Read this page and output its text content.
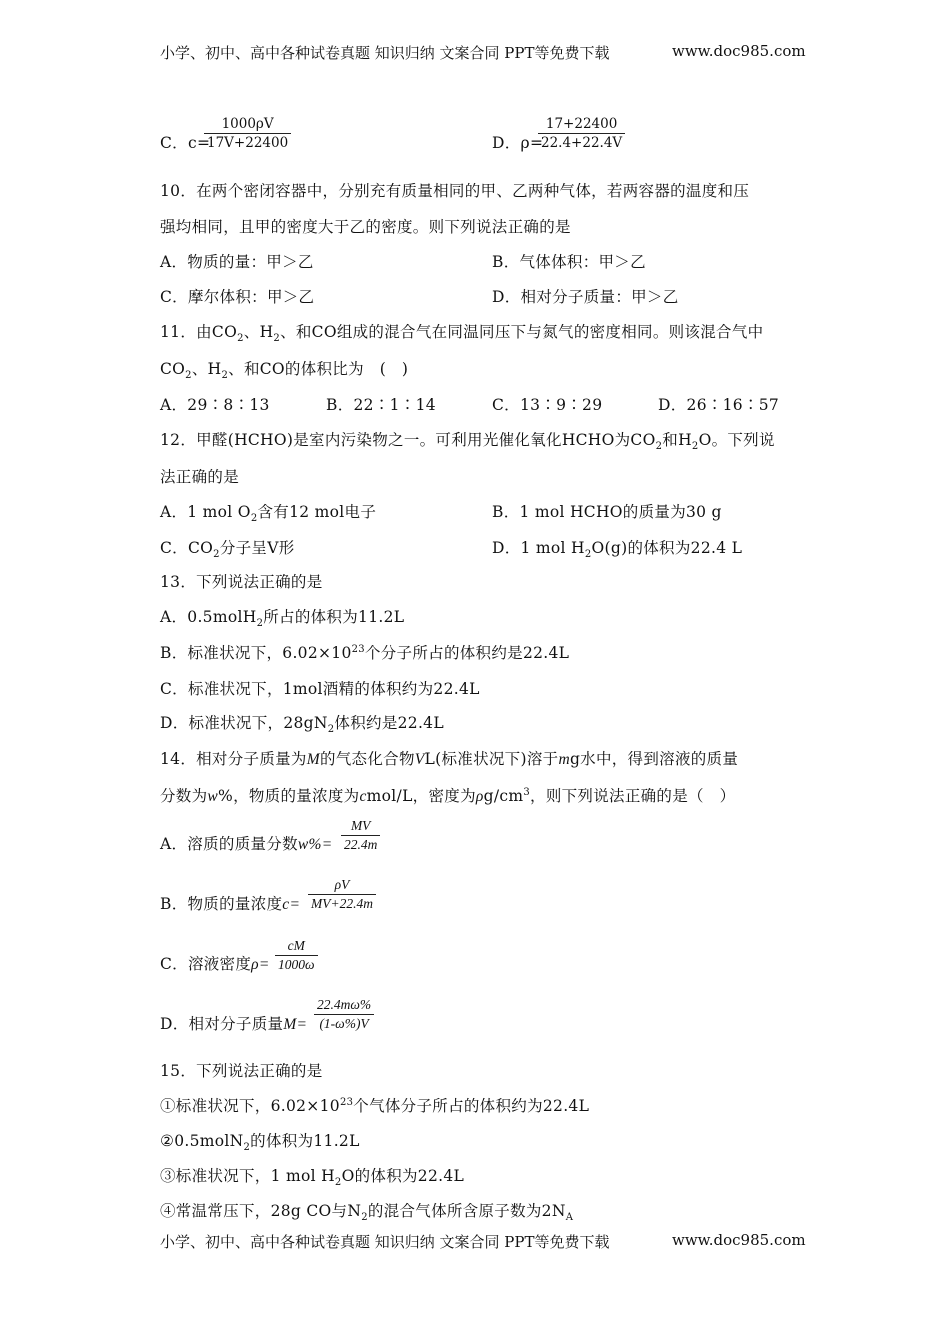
小学、初中、高中各种试卷真题 知识归纳 文案合同 PPT等免费下载	www.doc985.com
C．c=
$\frac{1000\rho V}{17V+22400}$	D．ρ=
$\frac{17+22400}{22.4+22.4V}$
10．在两个密闭容器中，分别充有质量相同的甲、乙两种气体，若两容器的温度和压
强均相同，且甲的密度大于乙的密度。则下列说法正确的是
A．物质的量：甲＞乙	B．气体体积：甲＞乙
C．摩尔体积：甲＞乙	D．相对分子质量：甲＞乙
11．由$CO_2$、$H_2$、和CO组成的混合气在同温同压下与氮气的密度相同。则该混合气中
$CO_2$、$H_2$、和CO的体积比为　(　)
A．29∶8∶13	B．22∶1∶14	C．13∶9∶29	D．26∶16∶57
12．甲醛(HCHO)是室内污染物之一。可利用光催化氧化HCHO为$CO_2$和$H_2O$。下列说
法正确的是
A．1 mol $O_2$含有12 mol电子	B．1 mol HCHO的质量为30 g
C．$CO_2$分子呈V形	D．1 mol $H_2O(g)$的体积为22.4 L
13．下列说法正确的是
A．0.5molH$_2$所占的体积为11.2L
B．标准状况下，$6.02\times 10^{23}$个分子所占的体积约是22.4L
C．标准状况下，1mol酒精的体积约为22.4L
D．标准状况下，$28gN_2$体积约是22.4L
14．相对分子质量为M的气态化合物VL(标准状况下)溶于mg水中，得到溶液的质量
分数为w%，物质的量浓度为cmol/L，密度为$\rho g/cm^3$，则下列说法正确的是（　）
A．溶质的质量分数$w\%= \frac{MV}{22.4m}$
B．物质的量浓度$c= \frac{\rho V}{MV+22.4m}$
C．溶液密度$\rho= \frac{cM}{1000\omega}$
D．相对分子质量$M= \frac{22.4m\omega\%}{(1-\omega\%)V}$
15．下列说法正确的是
①标准状况下，$6.02\times 10^{23}$个气体分子所占的体积约为22.4L
②0.5molN$_2$的体积为11.2L
③标准状况下，1 mol $H_2O$的体积为22.4L
④常温常压下，28g CO与$N_2$的混合气体所含原子数为$2N_A$
小学、初中、高中各种试卷真题 知识归纳 文案合同 PPT等免费下载	www.doc985.com
